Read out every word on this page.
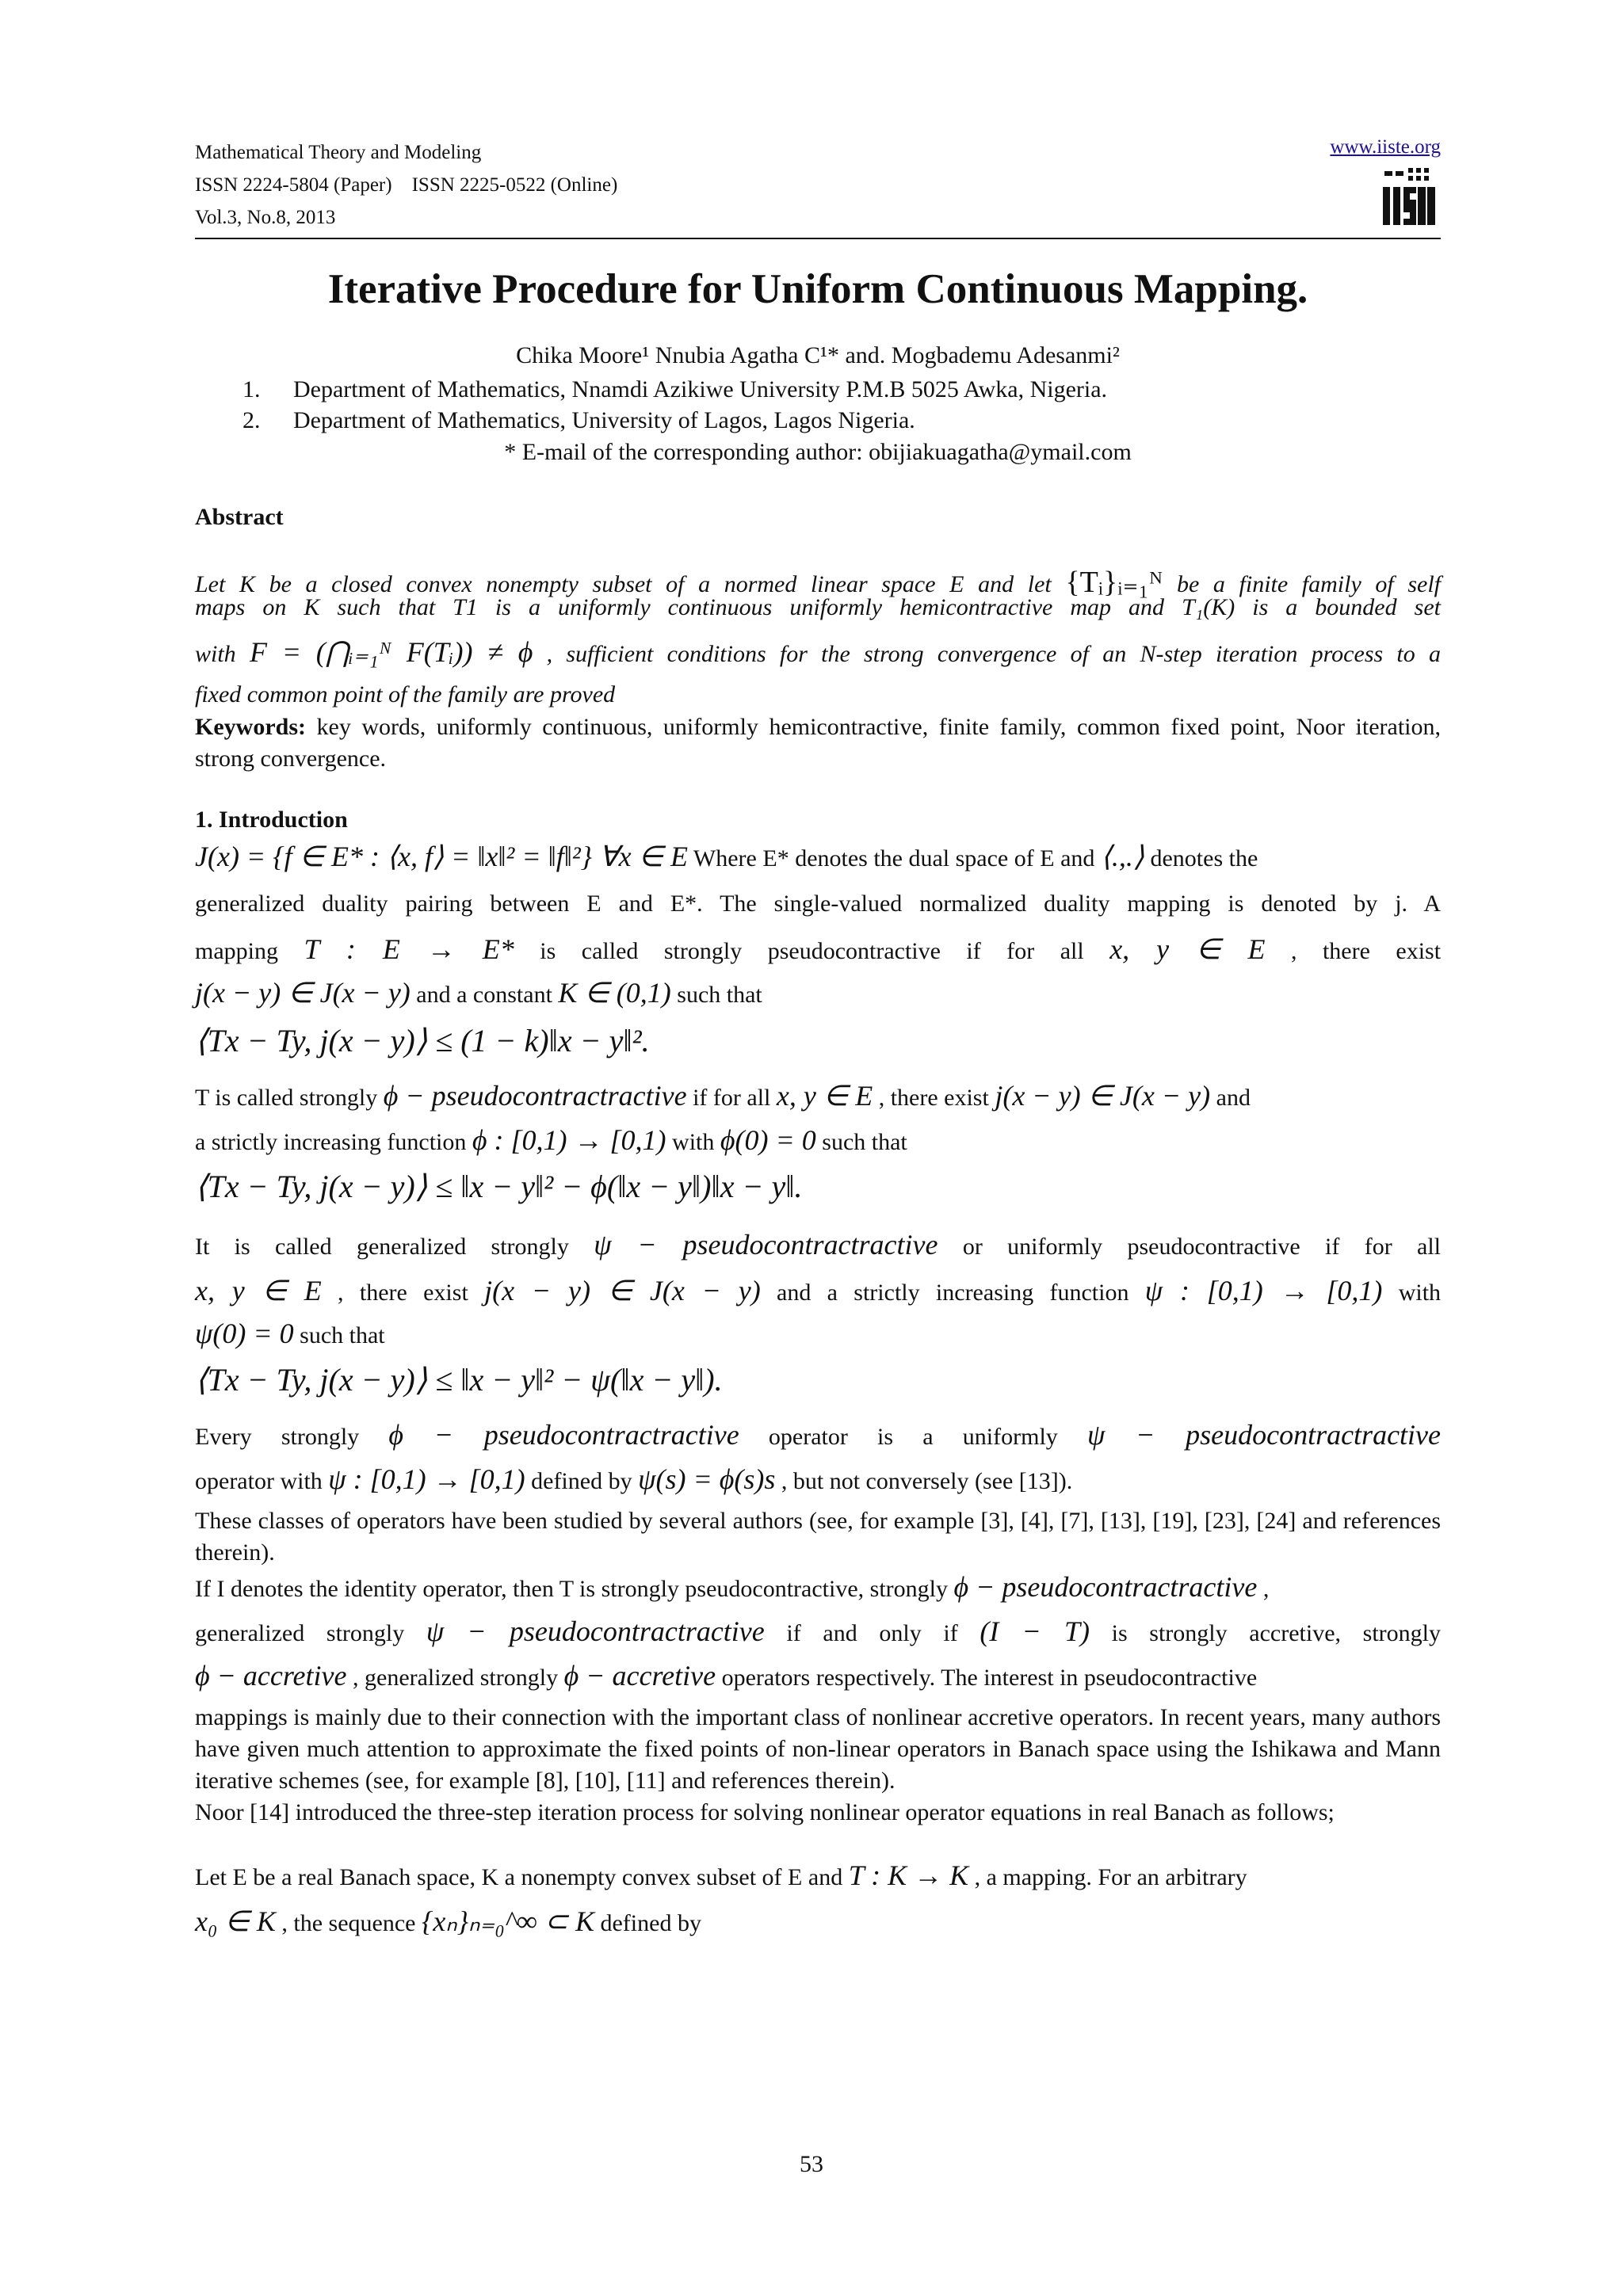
Mathematical Theory and Modeling
ISSN 2224-5804 (Paper)    ISSN 2225-0522 (Online)
Vol.3, No.8, 2013
www.iiste.org
IISTE
Iterative Procedure for Uniform Continuous Mapping.
Chika Moore¹ Nnubia Agatha C¹* and. Mogbademu Adesanmi²
1. Department of Mathematics, Nnamdi Azikiwe University P.M.B 5025 Awka, Nigeria.
2. Department of Mathematics, University of Lagos, Lagos Nigeria.
* E-mail of the corresponding author: obijiakuagatha@ymail.com
Abstract
Let K be a closed convex nonempty subset of a normed linear space E and let {Tᵢ}ᵢ₌₁ᴺ be a finite family of self
maps on K such that T1 is a uniformly continuous uniformly hemicontractive map and T₁(K) is a bounded set
with F = (⋂ᵢ₌₁ᴺ F(Tᵢ)) ≠ ϕ , sufficient conditions for the strong convergence of an N-step iteration process to a
fixed common point of the family are proved
Keywords: key words, uniformly continuous, uniformly hemicontractive, finite family, common fixed point, Noor iteration, strong convergence.
1. Introduction
J(x) = {f ∈ E* : ⟨x, f⟩ = ‖x‖² = ‖f‖²} ∀x ∈ E Where E* denotes the dual space of E and ⟨.,.⟩ denotes the
generalized duality pairing between E and E*. The single-valued normalized duality mapping is denoted by j. A
mapping T : E → E* is called strongly pseudocontractive if for all x, y ∈ E , there exist
j(x − y) ∈ J(x − y) and a constant K ∈ (0,1) such that
⟨Tx − Ty, j(x − y)⟩ ≤ (1 − k)‖x − y‖².
T is called strongly ϕ − pseudocontractractive if for all x, y ∈ E , there exist j(x − y) ∈ J(x − y) and
a strictly increasing function ϕ : [0,1) → [0,1) with ϕ(0) = 0 such that
⟨Tx − Ty, j(x − y)⟩ ≤ ‖x − y‖² − ϕ(‖x − y‖)‖x − y‖.
It is called generalized strongly ψ − pseudocontractractive or uniformly pseudocontractive if for all
x, y ∈ E , there exist j(x − y) ∈ J(x − y) and a strictly increasing function ψ : [0,1) → [0,1) with
ψ(0) = 0 such that
⟨Tx − Ty, j(x − y)⟩ ≤ ‖x − y‖² − ψ(‖x − y‖).
Every strongly ϕ − pseudocontractractive operator is a uniformly ψ − pseudocontractractive
operator with ψ : [0,1) → [0,1) defined by ψ(s) = ϕ(s)s , but not conversely (see [13]).
These classes of operators have been studied by several authors (see, for example [3], [4], [7], [13], [19], [23], [24] and references therein).
If I denotes the identity operator, then T is strongly pseudocontractive, strongly ϕ − pseudocontractractive ,
generalized strongly ψ − pseudocontractractive if and only if (I − T) is strongly accretive, strongly
ϕ − accretive , generalized strongly ϕ − accretive operators respectively. The interest in pseudocontractive
mappings is mainly due to their connection with the important class of nonlinear accretive operators. In recent years, many authors have given much attention to approximate the fixed points of non-linear operators in Banach space using the Ishikawa and Mann iterative schemes (see, for example [8], [10], [11] and references therein).
Noor [14] introduced the three-step iteration process for solving nonlinear operator equations in real Banach as follows;
Let E be a real Banach space, K a nonempty convex subset of E and T : K → K , a mapping. For an arbitrary
x₀ ∈ K , the sequence {xₙ}ₙ₌₀^∞ ⊂ K defined by
53
